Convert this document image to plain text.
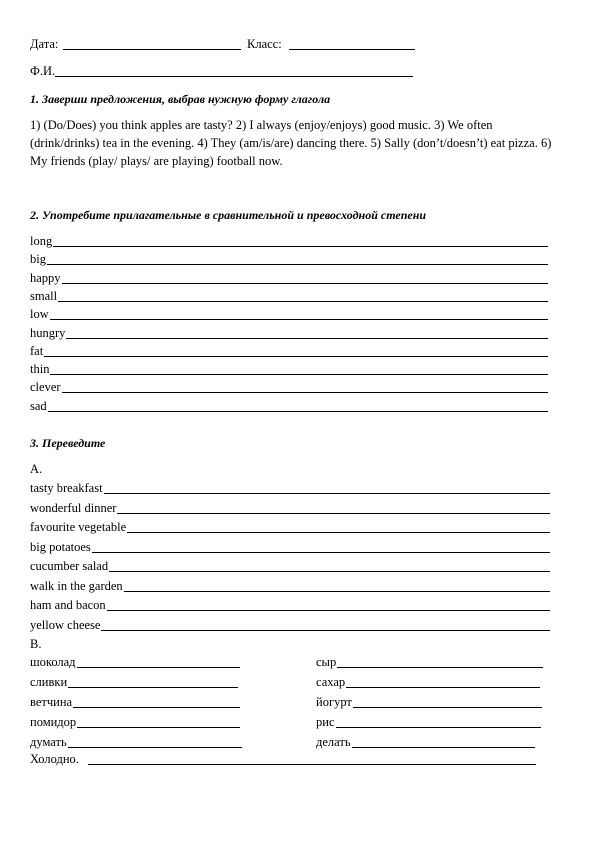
Дата:	Класс:
Ф.И.
1. Заверши предложения, выбрав нужную форму глагола
1) (Do/Does) you think apples are tasty? 2) I always (enjoy/enjoys) good music. 3) We often (drink/drinks) tea in the evening. 4) They (am/is/are) dancing there. 5) Sally (don’t/doesn’t) eat pizza. 6) My friends (play/ plays/ are playing) football now.
2. Употребите прилагательные в сравнительной и превосходной степени
long
big
happy
small
low
hungry
fat
thin
clever
sad
3. Переведите
A.
tasty breakfast
wonderful dinner
favourite vegetable
big potatoes
cucumber salad
walk in the garden
ham and bacon
yellow cheese
B.
шоколад
сливки
ветчина
помидор
думать
сыр
сахар
йогурт
рис
делать
Холодно.
